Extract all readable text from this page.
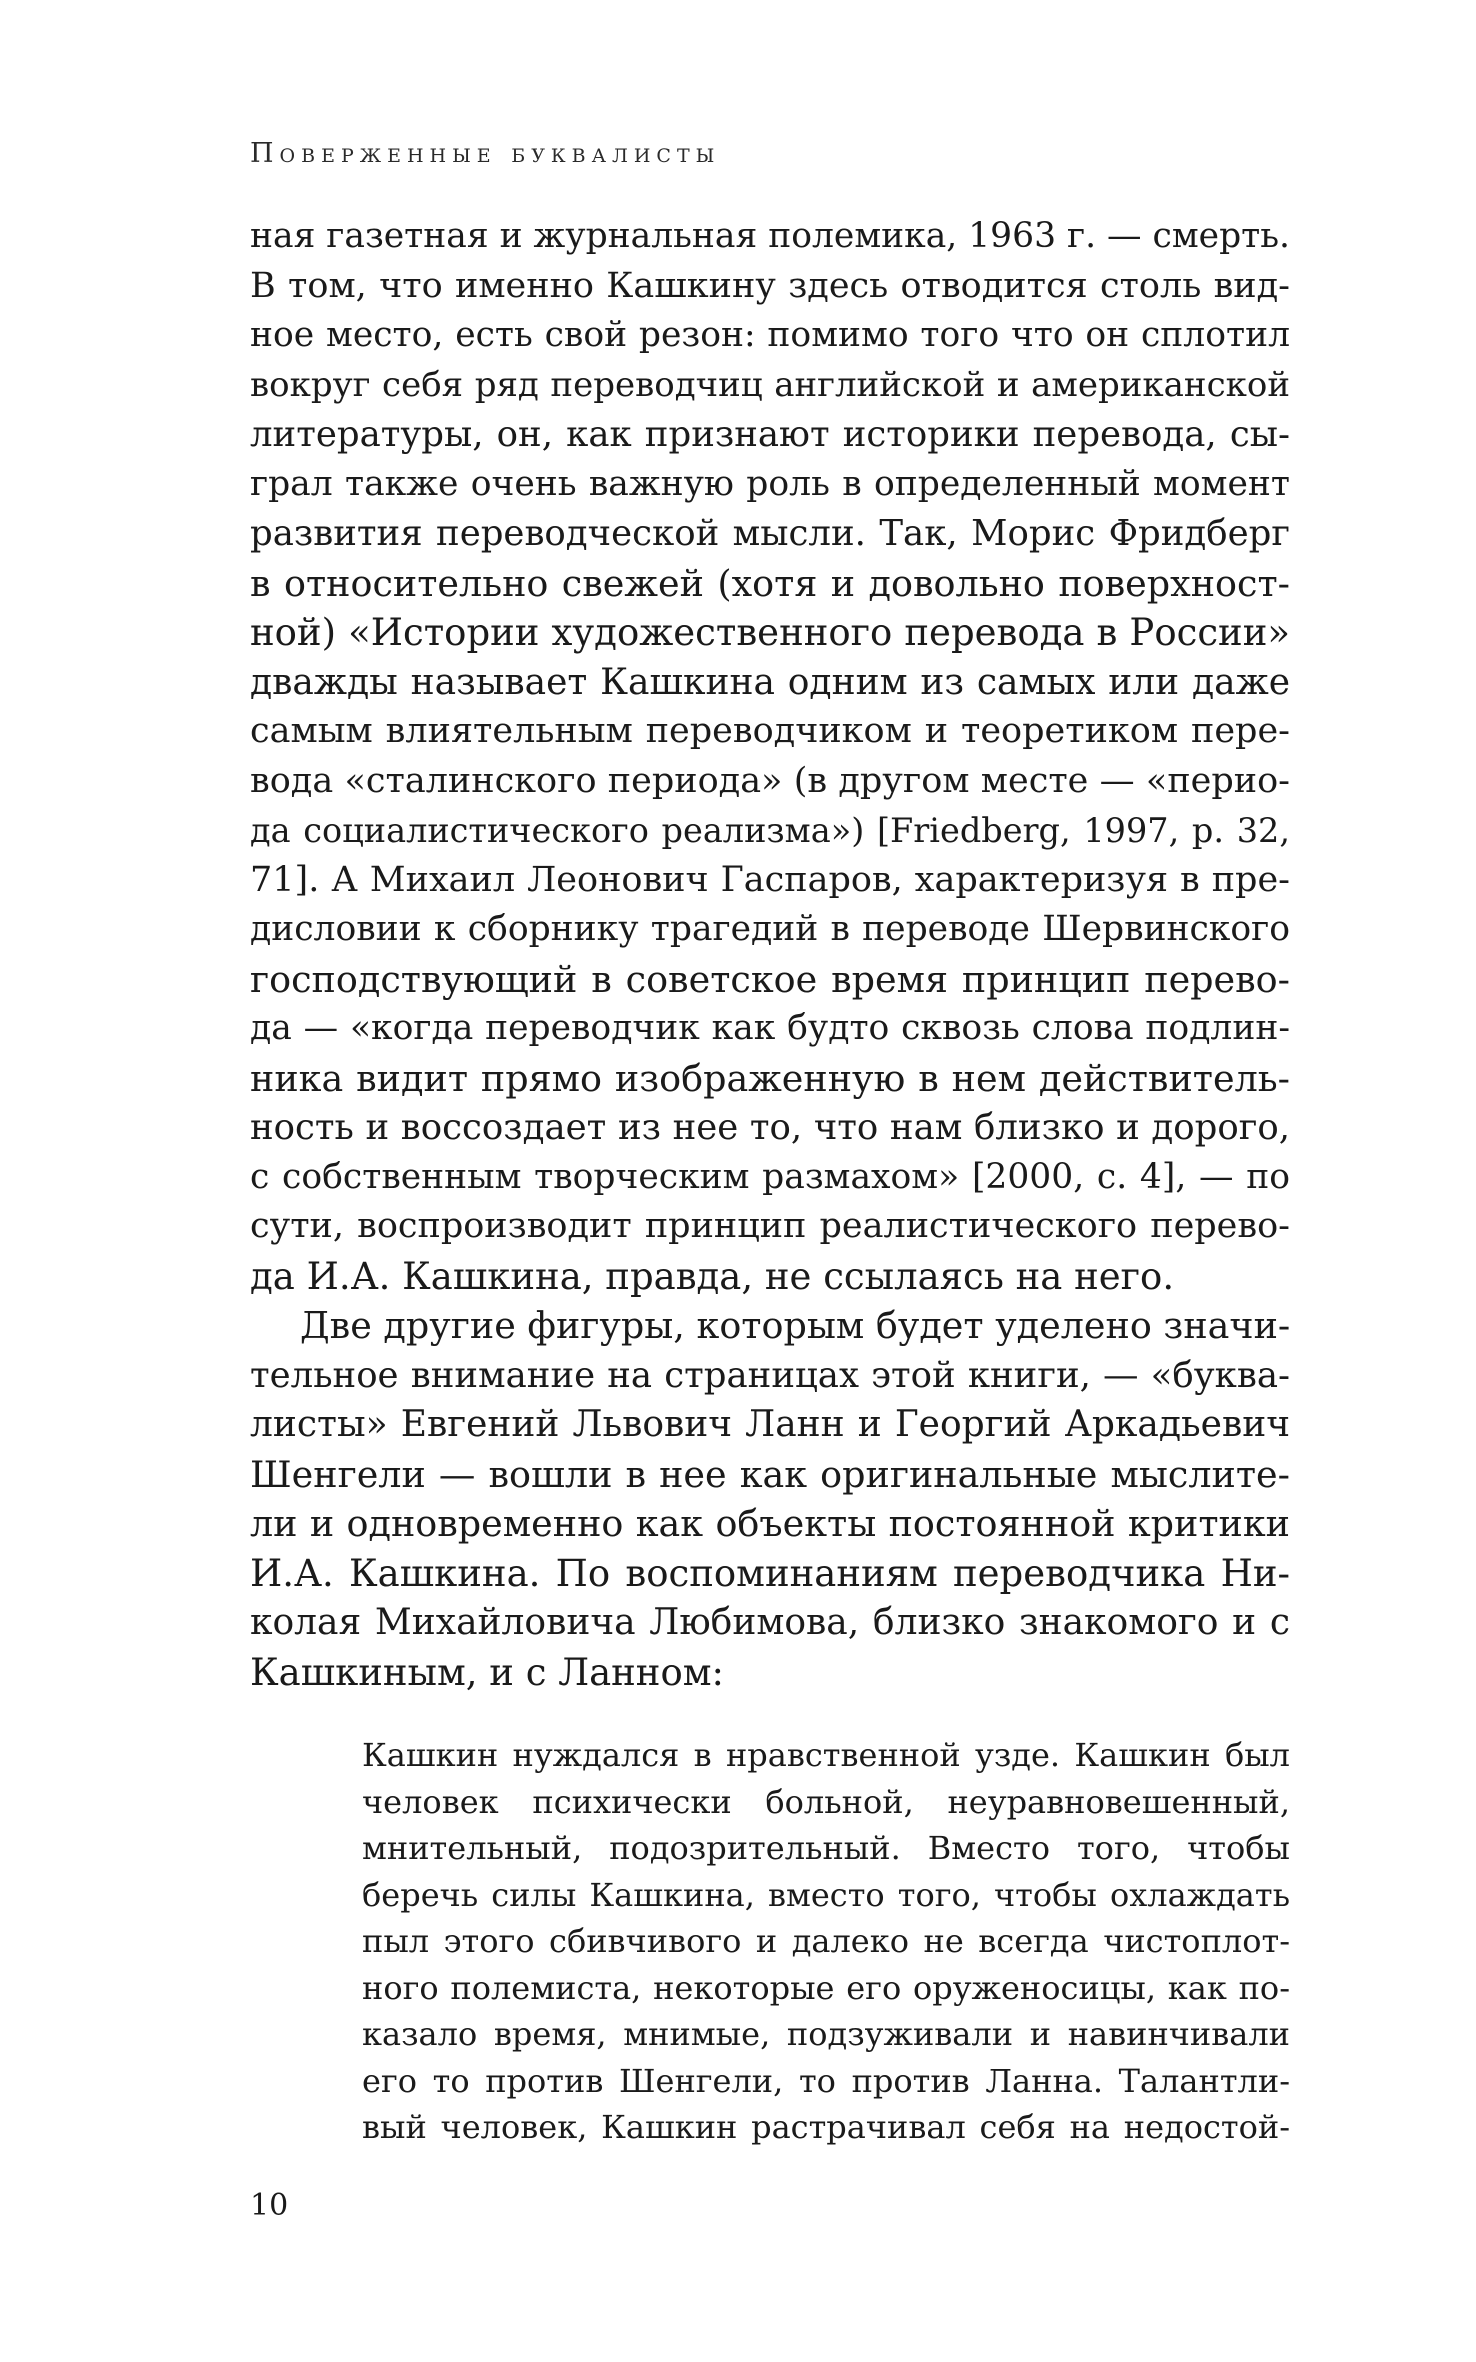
Поверженные буквалисты
ная газетная и журнальная полемика, 1963 г. — смерть.
В том, что именно Кашкину здесь отводится столь вид-
ное место, есть свой резон: помимо того что он сплотил
вокруг себя ряд переводчиц английской и американской
литературы, он, как признают историки перевода, сы-
грал также очень важную роль в определенный момент
развития переводческой мысли. Так, Морис Фридберг
в относительно свежей (хотя и довольно поверхност-
ной) «Истории художественного перевода в России»
дважды называет Кашкина одним из самых или даже
самым влиятельным переводчиком и теоретиком пере-
вода «сталинского периода» (в другом месте — «перио-
да социалистического реализма») [Friedberg, 1997, p. 32,
71]. А Михаил Леонович Гаспаров, характеризуя в пре-
дисловии к сборнику трагедий в переводе Шервинского
господствующий в советское время принцип перево-
да — «когда переводчик как будто сквозь слова подлин-
ника видит прямо изображенную в нем действитель-
ность и воссоздает из нее то, что нам близко и дорого,
с собственным творческим размахом» [2000, с. 4], — по
сути, воспроизводит принцип реалистического перево-
да И.А. Кашкина, правда, не ссылаясь на него.
Две другие фигуры, которым будет уделено значи-
тельное внимание на страницах этой книги, — «буква-
листы» Евгений Львович Ланн и Георгий Аркадьевич
Шенгели — вошли в нее как оригинальные мыслите-
ли и одновременно как объекты постоянной критики
И.А. Кашкина. По воспоминаниям переводчика Ни-
колая Михайловича Любимова, близко знакомого и с
Кашкиным, и с Ланном:
Кашкин нуждался в нравственной узде. Кашкин был
человек психически больной, неуравновешенный,
мнительный, подозрительный. Вместо того, чтобы
беречь силы Кашкина, вместо того, чтобы охлаждать
пыл этого сбивчивого и далеко не всегда чистоплот-
ного полемиста, некоторые его оруженосицы, как по-
казало время, мнимые, подзуживали и навинчивали
его то против Шенгели, то против Ланна. Талантли-
вый человек, Кашкин растрачивал себя на недостой-
10
